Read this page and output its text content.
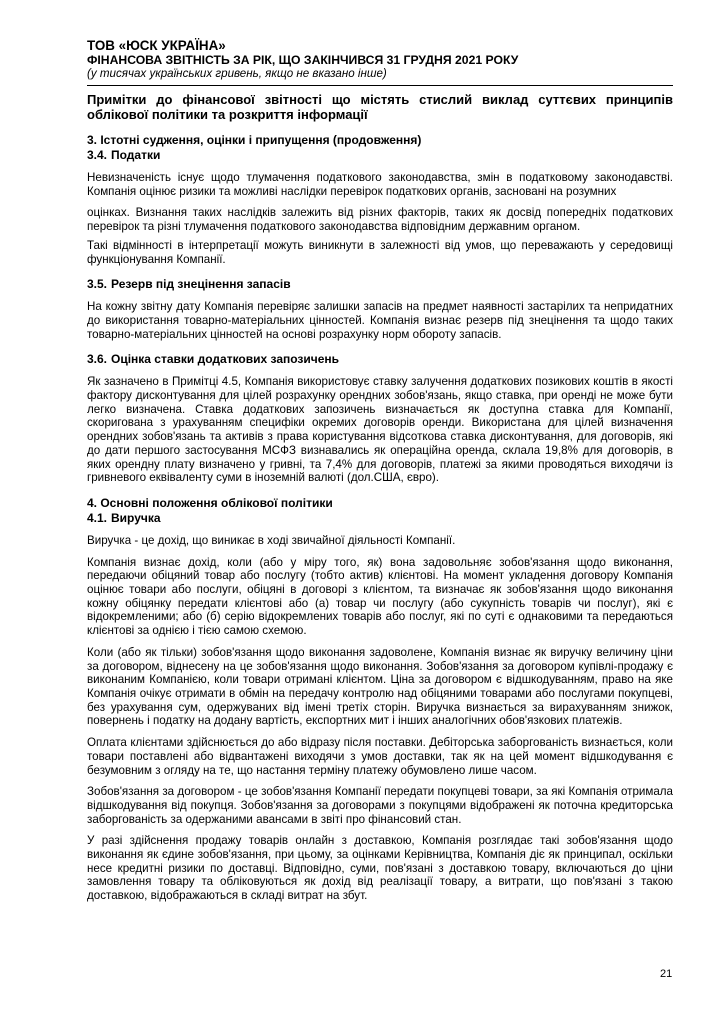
ТОВ «ЮСК УКРАЇНА»
ФІНАНСОВА ЗВІТНІСТЬ ЗА РІК, ЩО ЗАКІНЧИВСЯ 31 ГРУДНЯ 2021 РОКУ
(у тисячах українських гривень, якщо не вказано інше)
Примітки до фінансової звітності що містять стислий виклад суттєвих принципів облікової політики та розкриття інформації
3. Істотні судження, оцінки і припущення (продовження)
3.4. Податки

Невизначеність існує щодо тлумачення податкового законодавства, змін в податковому законодавстві. Компанія оцінює ризики та можливі наслідки перевірок податкових органів, засновані на розумних

оцінках. Визнання таких наслідків залежить від різних факторів, таких як досвід попередніх податкових перевірок та різні тлумачення податкового законодавства відповідним державним органом.

Такі відмінності в інтерпретації можуть виникнути в залежності від умов, що переважають у середовищі функціонування Компанії.

3.5. Резерв під знецінення запасів

На кожну звітну дату Компанія перевіряє залишки запасів на предмет наявності застарілих та непридатних до використання товарно-матеріальних цінностей. Компанія визнає резерв під знецінення та щодо таких товарно-матеріальних цінностей на основі розрахунку норм обороту запасів.

3.6. Оцінка ставки додаткових запозичень

Як зазначено в Примітці 4.5, Компанія використовує ставку залучення додаткових позикових коштів в якості фактору дисконтування для цілей розрахунку орендних зобов'язань, якщо ставка, при оренді не може бути легко визначена. Ставка додаткових запозичень визначається як доступна ставка для Компанії, скоригована з урахуванням специфіки окремих договорів оренди. Використана для цілей визначення орендних зобов'язань та активів з права користування відсоткова ставка дисконтування, для договорів, які до дати першого застосування МСФЗ визнавались як операційна оренда, склала 19,8% для договорів, в яких орендну плату визначено у гривні, та 7,4% для договорів, платежі за якими проводяться виходячи із гривневого еквіваленту суми в іноземній валюті (дол.США, євро).

4. Основні положення облікової політики
4.1. Виручка

Виручка - це дохід, що виникає в ході звичайної діяльності Компанії.

Компанія визнає дохід, коли (або у міру того, як) вона задовольняє зобов'язання щодо виконання, передаючи обіцяний товар або послугу (тобто актив) клієнтові. На момент укладення договору Компанія оцінює товари або послуги, обіцяні в договорі з клієнтом, та визначає як зобов'язання щодо виконання кожну обіцянку передати клієнтові або (а) товар чи послугу (або сукупність товарів чи послуг), які є відокремленими; або (б) серію відокремлених товарів або послуг, які по суті є однаковими та передаються клієнтові за однією і тією самою схемою.

Коли (або як тільки) зобов'язання щодо виконання задоволене, Компанія визнає як виручку величину ціни за договором, віднесену на це зобов'язання щодо виконання. Зобов'язання за договором купівлі-продажу є виконаним Компанією, коли товари отримані клієнтом. Ціна за договором є відшкодуванням, право на яке Компанія очікує отримати в обмін на передачу контролю над обіцяними товарами або послугами покупцеві, без урахування сум, одержуваних від імені третіх сторін. Виручка визнається за вирахуванням знижок, повернень і податку на додану вартість, експортних мит і інших аналогічних обов'язкових платежів.

Оплата клієнтами здійснюється до або відразу після поставки. Дебіторська заборгованість визнається, коли товари поставлені або відвантажені виходячи з умов доставки, так як на цей момент відшкодування є безумовним з огляду на те, що настання терміну платежу обумовлено лише часом.

Зобов'язання за договором - це зобов'язання Компанії передати покупцеві товари, за які Компанія отримала відшкодування від покупця. Зобов'язання за договорами з покупцями відображені як поточна кредиторська заборгованість за одержаними авансами в звіті про фінансовий стан.

У разі здійснення продажу товарів онлайн з доставкою, Компанія розглядає такі зобов'язання щодо виконання як єдине зобов'язання, при цьому, за оцінками Керівництва, Компанія діє як принципал, оскільки несе кредитні ризики по доставці. Відповідно, суми, пов'язані з доставкою товару, включаються до ціни замовлення товару та обліковуються як дохід від реалізації товару, а витрати, що пов'язані з такою доставкою, відображаються в складі витрат на збут.

21
